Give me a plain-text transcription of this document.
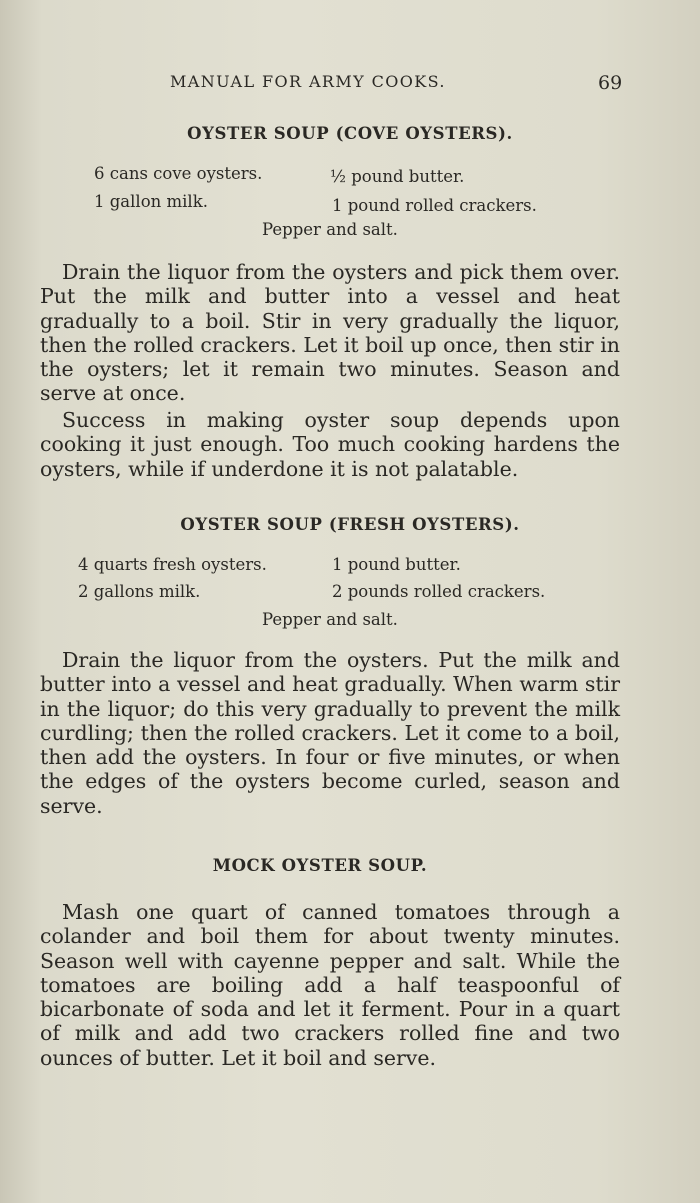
MANUAL FOR ARMY COOKS.	69
OYSTER SOUP (COVE OYSTERS).
6 cans cove oysters.	½ pound butter.
1 gallon milk.	1 pound rolled crackers.
Pepper and salt.

Drain the liquor from the oysters and pick them over. Put the milk and butter into a vessel and heat gradually to a boil. Stir in very gradually the liquor, then the rolled crackers. Let it boil up once, then stir in the oysters; let it remain two minutes. Season and serve at once.

Success in making oyster soup depends upon cooking it just enough. Too much cooking hardens the oysters, while if underdone it is not palatable.

OYSTER SOUP (FRESH OYSTERS).
4 quarts fresh oysters.	1 pound butter.
2 gallons milk.	2 pounds rolled crackers.
Pepper and salt.

Drain the liquor from the oysters. Put the milk and butter into a vessel and heat gradually. When warm stir in the liquor; do this very gradually to prevent the milk curdling; then the rolled crackers. Let it come to a boil, then add the oysters. In four or five minutes, or when the edges of the oysters become curled, season and serve.

MOCK OYSTER SOUP.

Mash one quart of canned tomatoes through a colander and boil them for about twenty minutes. Season well with cayenne pepper and salt. While the tomatoes are boiling add a half teaspoonful of bicarbonate of soda and let it ferment. Pour in a quart of milk and add two crackers rolled fine and two ounces of butter. Let it boil and serve.
